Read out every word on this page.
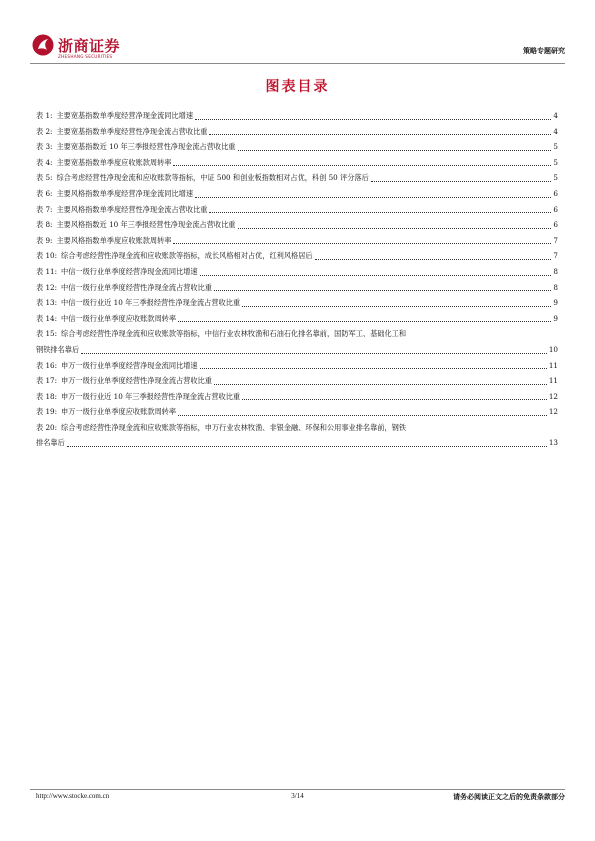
浙商证券
ZHESHANG SECURITIES
策略专题研究
图表目录
表 1: 主要宽基指数单季度经营净现金流同比增速	4
表 2: 主要宽基指数单季度经营性净现金流占营收比重	4
表 3: 主要宽基指数近 10 年三季报经营性净现金流占营收比重	5
表 4: 主要宽基指数单季度应收账款周转率	5
表 5: 综合考虑经营性净现金流和应收账款等指标，中证 500 和创业板指数相对占优，科创 50 评分落后	5
表 6: 主要风格指数单季度经营净现金流同比增速	6
表 7: 主要风格指数单季度经营性净现金流占营收比重	6
表 8: 主要风格指数近 10 年三季报经营性净现金流占营收比重	6
表 9: 主要风格指数单季度应收账款周转率	7
表 10: 综合考虑经营性净现金流和应收账款等指标，成长风格相对占优，红利风格居后	7
表 11: 中信一级行业单季度经营净现金流同比增速	8
表 12: 中信一级行业单季度经营性净现金流占营收比重	8
表 13: 中信一级行业近 10 年三季报经营性净现金流占营收比重	9
表 14: 中信一级行业单季度应收账款周转率	9
表 15: 综合考虑经营性净现金流和应收账款等指标，中信行业农林牧渔和石油石化排名靠前，国防军工、基础化工和
钢铁排名靠后	10
表 16: 申万一级行业单季度经营净现金流同比增速	11
表 17: 申万一级行业单季度经营性净现金流占营收比重	11
表 18: 申万一级行业近 10 年三季报经营性净现金流占营收比重	12
表 19: 申万一级行业单季度应收账款周转率	12
表 20: 综合考虑经营性净现金流和应收账款等指标，申万行业农林牧渔、非银金融、环保和公用事业排名靠前，钢铁
排名靠后	13
http://www.stocke.com.cn	3/14	请务必阅读正文之后的免责条款部分
